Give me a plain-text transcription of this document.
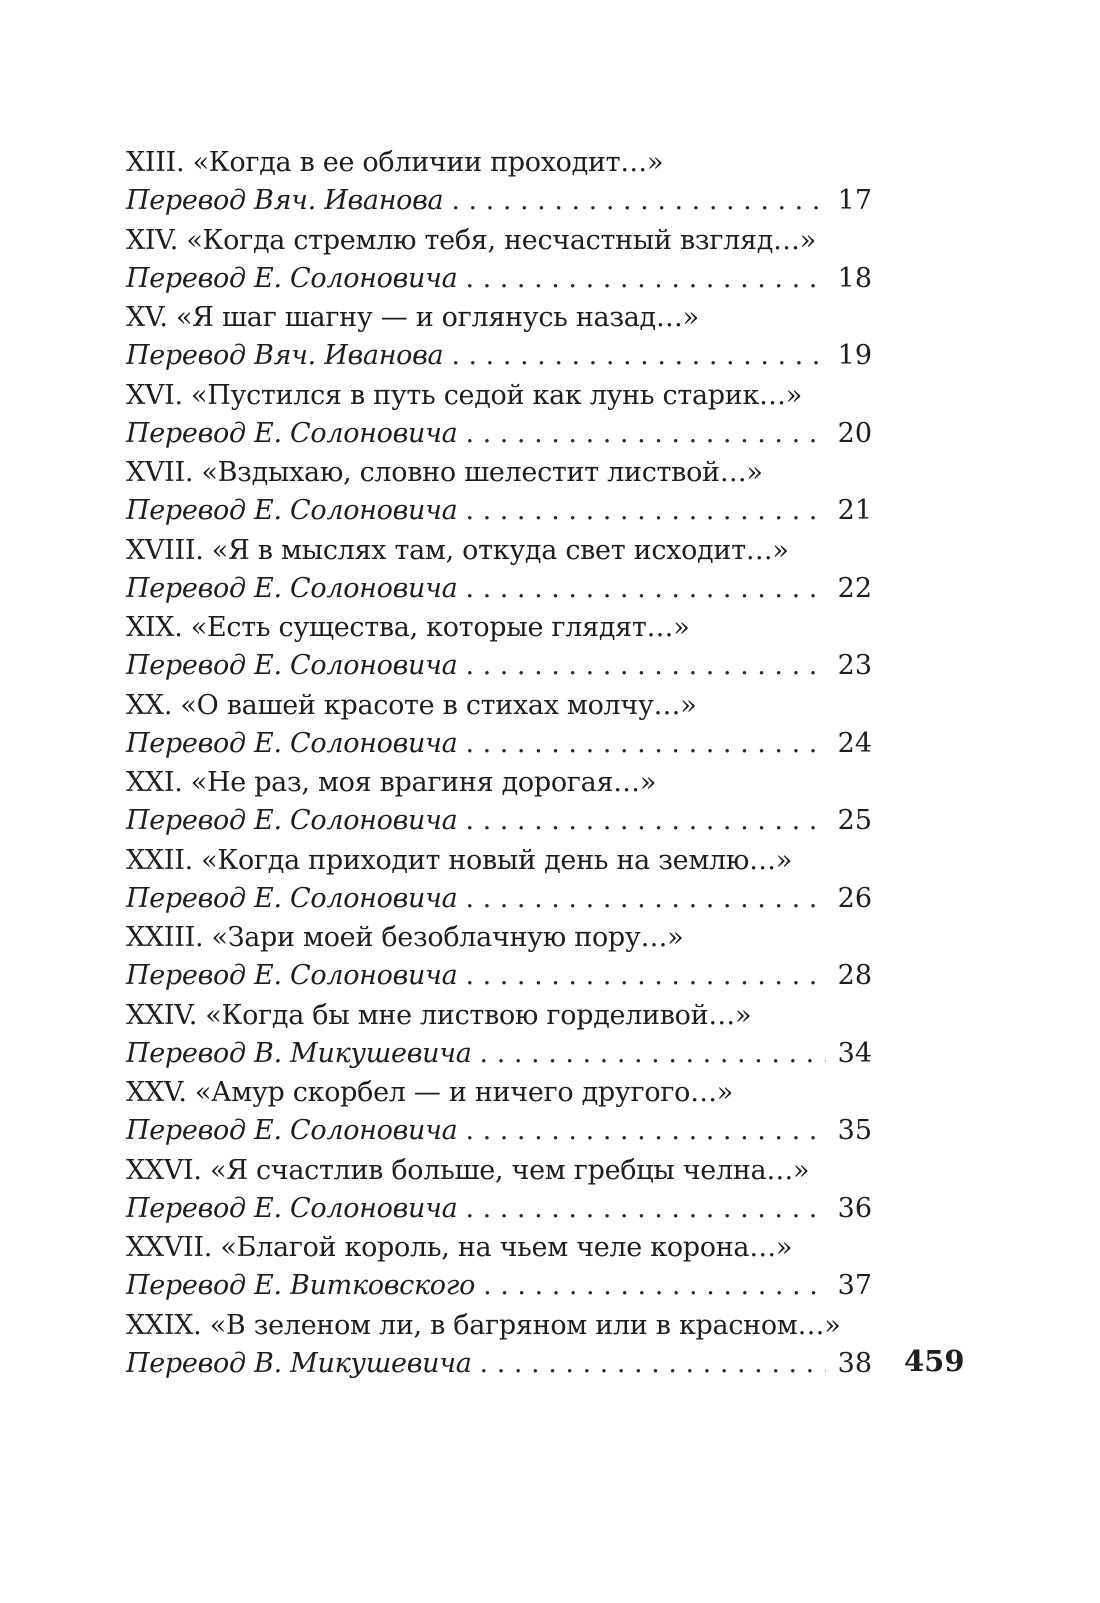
XIII. «Когда в ее обличии проходит…»
Перевод Вяч. Иванова . . .	17
XIV. «Когда стремлю тебя, несчастный взгляд…»
Перевод Е. Солоновича . . .	18
XV. «Я шаг шагну — и оглянусь назад…»
Перевод Вяч. Иванова . . .	19
XVI. «Пустился в путь седой как лунь старик…»
Перевод Е. Солоновича . . .	20
XVII. «Вздыхаю, словно шелестит листвой…»
Перевод Е. Солоновича . . .	21
XVIII. «Я в мыслях там, откуда свет исходит…»
Перевод Е. Солоновича . . .	22
XIX. «Есть существа, которые глядят…»
Перевод Е. Солоновича . . .	23
XX. «О вашей красоте в стихах молчу…»
Перевод Е. Солоновича . . .	24
XXI. «Не раз, моя врагиня дорогая…»
Перевод Е. Солоновича . . .	25
XXII. «Когда приходит новый день на землю…»
Перевод Е. Солоновича . . .	26
XXIII. «Зари моей безоблачную пору…»
Перевод Е. Солоновича . . .	28
XXIV. «Когда бы мне листвою горделивой…»
Перевод В. Микушевича . . .	34
XXV. «Амур скорбел — и ничего другого…»
Перевод Е. Солоновича . . .	35
XXVI. «Я счастлив больше, чем гребцы челна…»
Перевод Е. Солоновича . . .	36
XXVII. «Благой король, на чьем челе корона…»
Перевод Е. Витковского . . .	37
XXIX. «В зеленом ли, в багряном или в красном…»
Перевод В. Микушевича . . .	38 459
